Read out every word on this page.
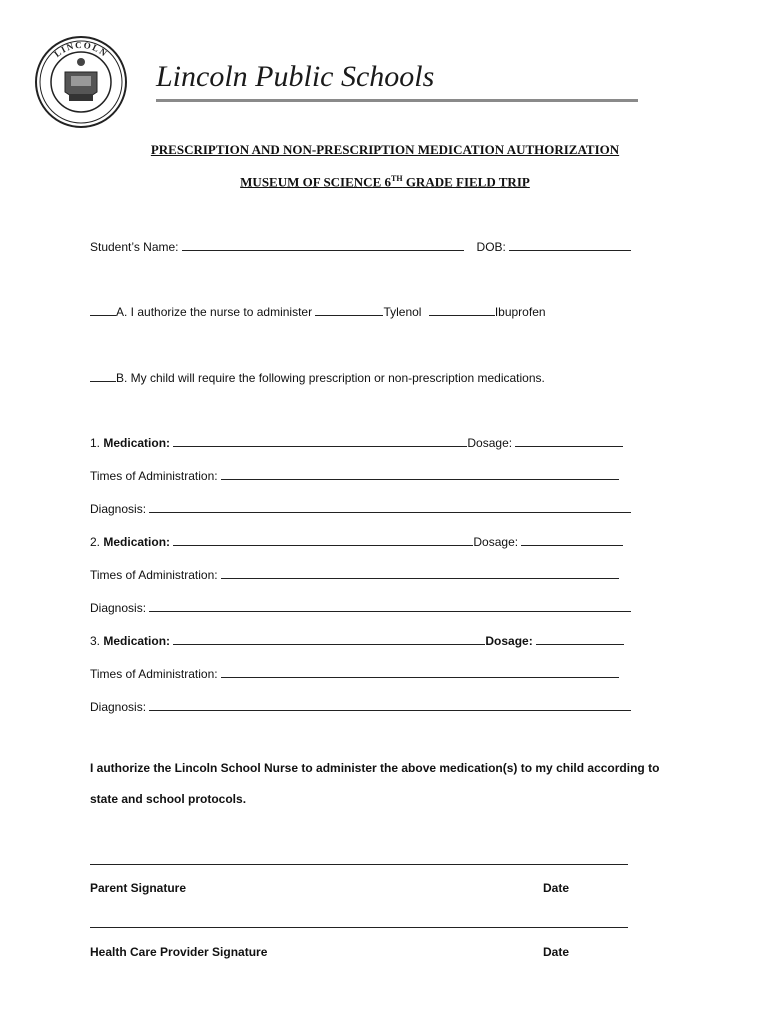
LINCOLN
Lincoln Public Schools
PRESCRIPTION AND NON-PRESCRIPTION MEDICATION AUTHORIZATION
MUSEUM OF SCIENCE 6TH GRADE FIELD TRIP
Student’s Name:	DOB:
A. I authorize the nurse to administer	Tylenol	Ibuprofen
B. My child will require the following prescription or non-prescription medications.
1. Medication:	Dosage:
Times of Administration:
Diagnosis:
2. Medication:	Dosage:
Times of Administration:
Diagnosis:
3. Medication:	Dosage:
Times of Administration:
Diagnosis:
I authorize the Lincoln School Nurse to administer the above medication(s) to my child according to
state and school protocols.
Parent Signature	Date
Health Care Provider Signature	Date
